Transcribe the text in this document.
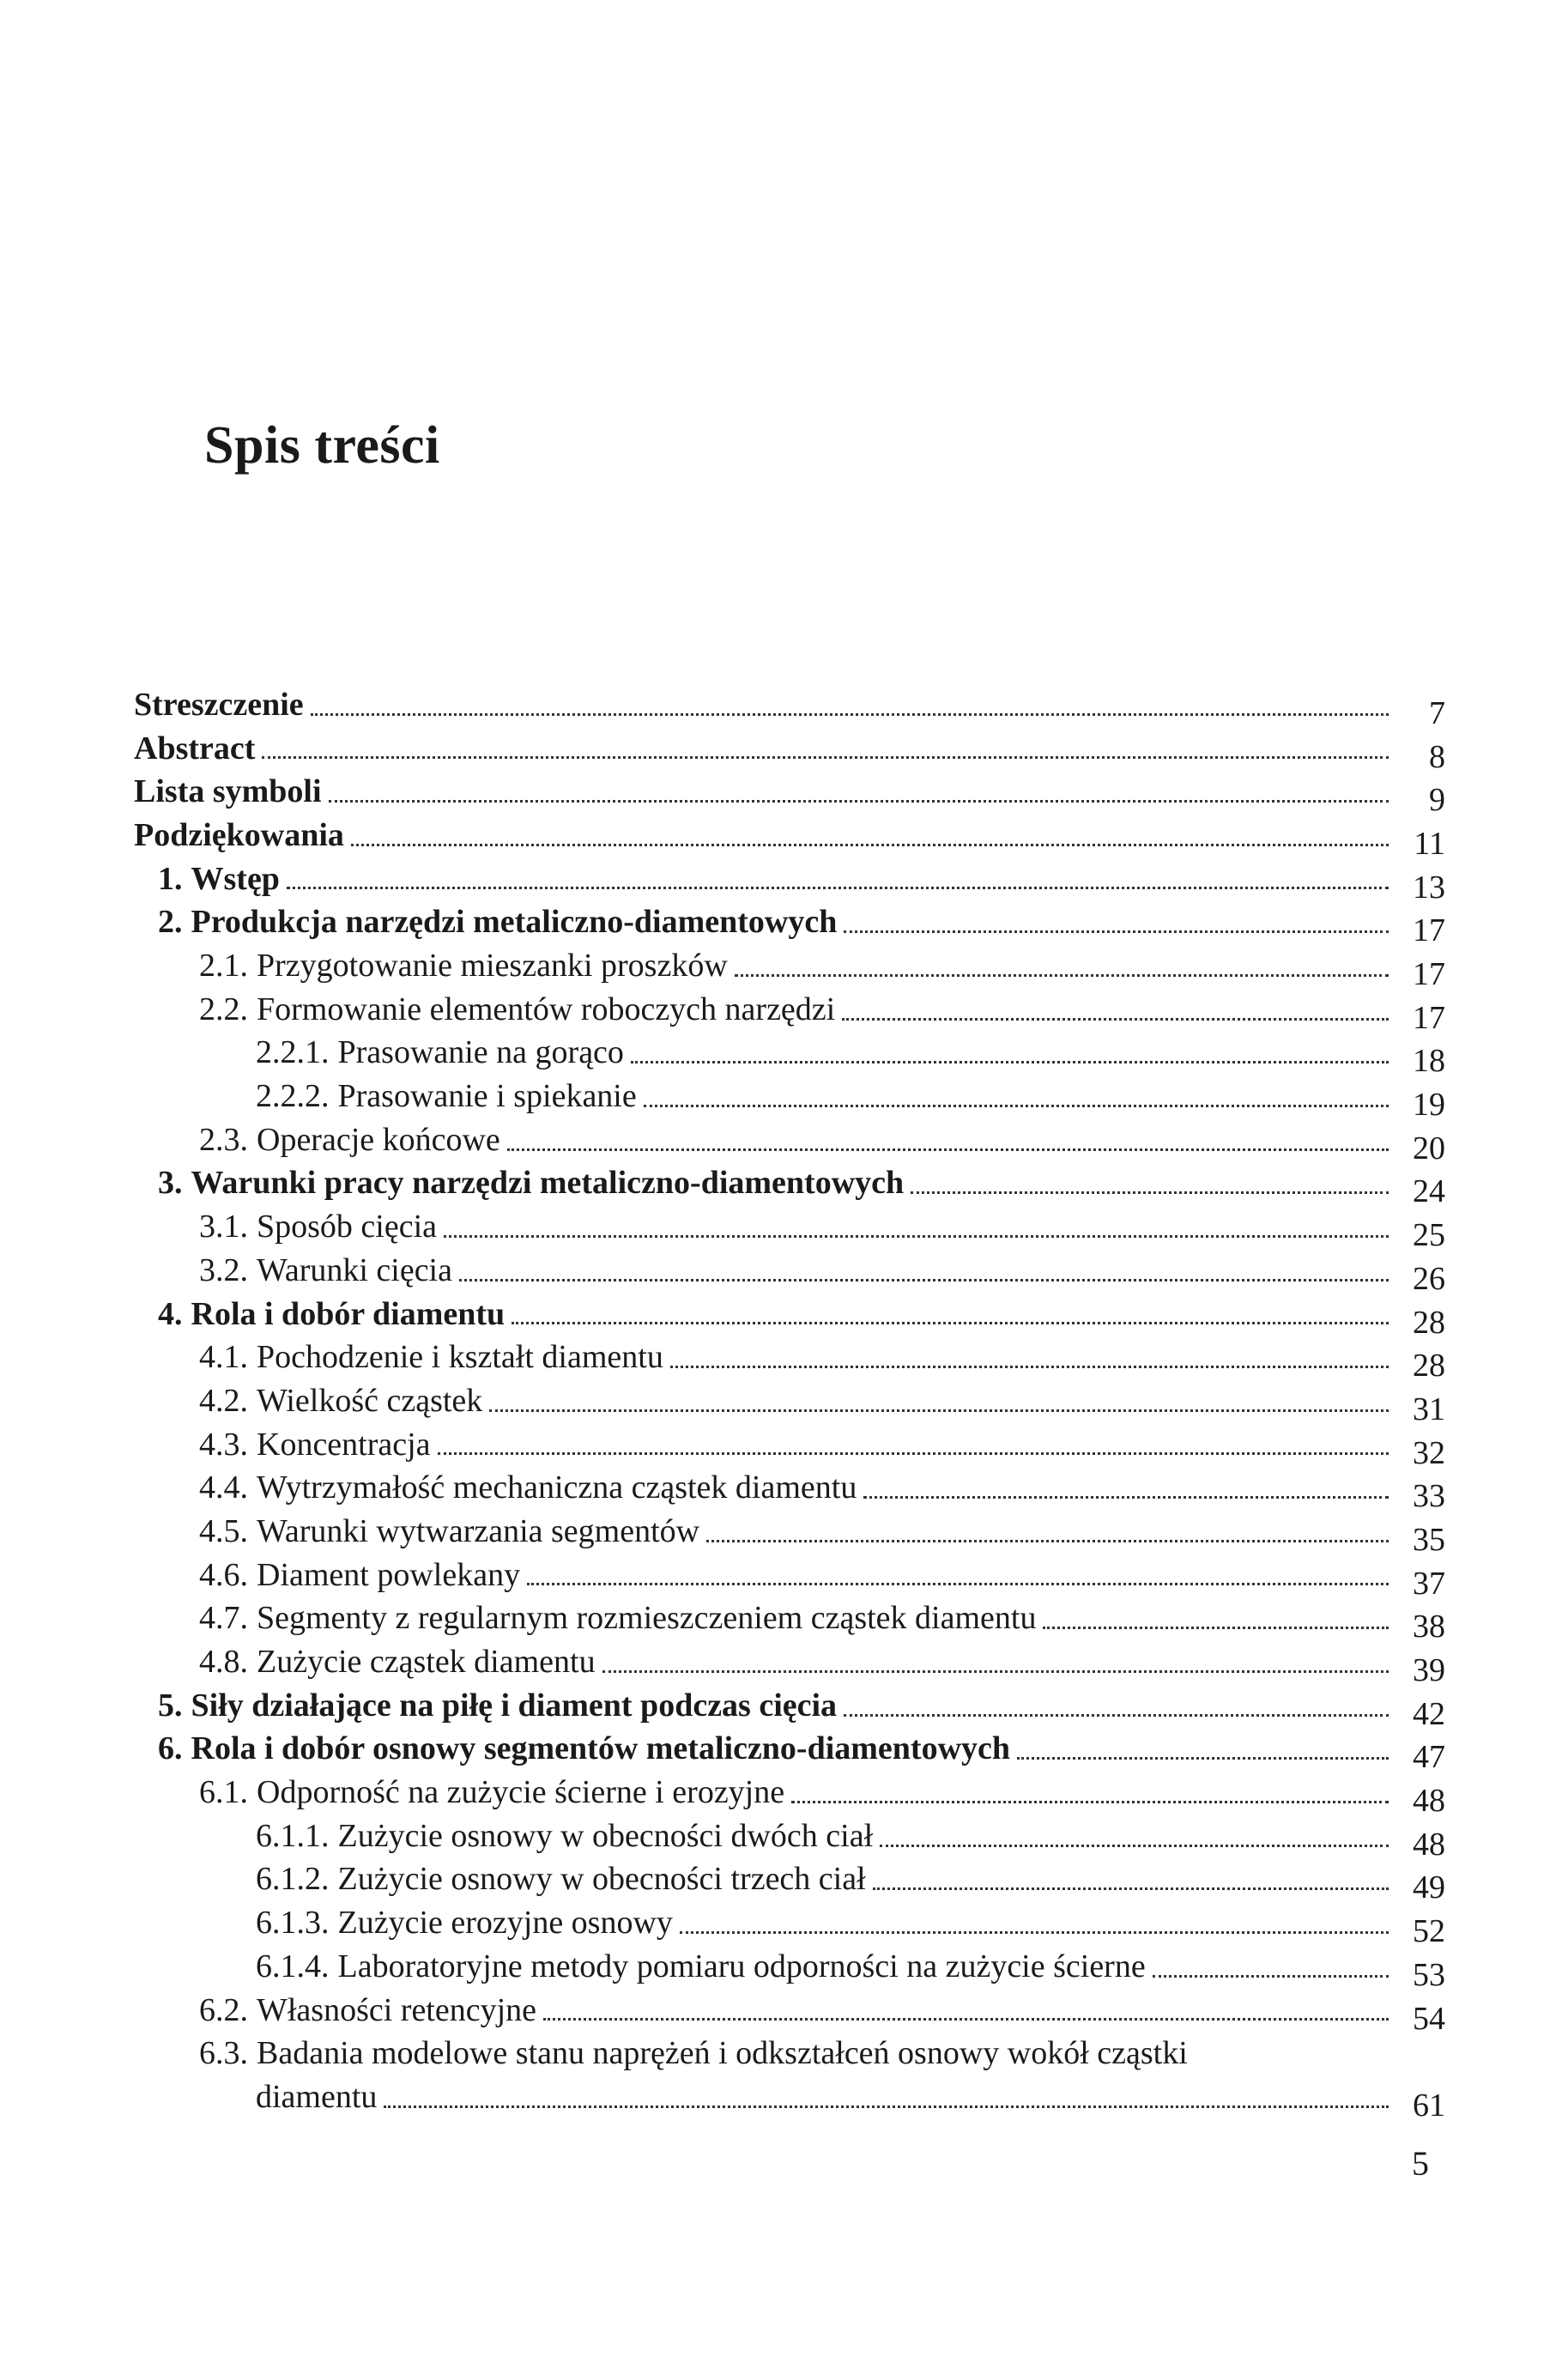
Spis treści
Streszczenie	7
Abstract	8
Lista symboli	9
Podziękowania	11
1. Wstęp	13
2. Produkcja narzędzi metaliczno-diamentowych	17
2.1. Przygotowanie mieszanki proszków	17
2.2. Formowanie elementów roboczych narzędzi	17
2.2.1. Prasowanie na gorąco	18
2.2.2. Prasowanie i spiekanie	19
2.3. Operacje końcowe	20
3. Warunki pracy narzędzi metaliczno-diamentowych	24
3.1. Sposób cięcia	25
3.2. Warunki cięcia	26
4. Rola i dobór diamentu	28
4.1. Pochodzenie i kształt diamentu	28
4.2. Wielkość cząstek	31
4.3. Koncentracja	32
4.4. Wytrzymałość mechaniczna cząstek diamentu	33
4.5. Warunki wytwarzania segmentów	35
4.6. Diament powlekany	37
4.7. Segmenty z regularnym rozmieszczeniem cząstek diamentu	38
4.8. Zużycie cząstek diamentu	39
5. Siły działające na piłę i diament podczas cięcia	42
6. Rola i dobór osnowy segmentów metaliczno-diamentowych	47
6.1. Odporność na zużycie ścierne i erozyjne	48
6.1.1. Zużycie osnowy w obecności dwóch ciał	48
6.1.2. Zużycie osnowy w obecności trzech ciał	49
6.1.3. Zużycie erozyjne osnowy	52
6.1.4. Laboratoryjne metody pomiaru odporności na zużycie ścierne	53
6.2. Własności retencyjne	54
6.3. Badania modelowe stanu naprężeń i odkształceń osnowy wokół cząstki
diamentu	61
5
